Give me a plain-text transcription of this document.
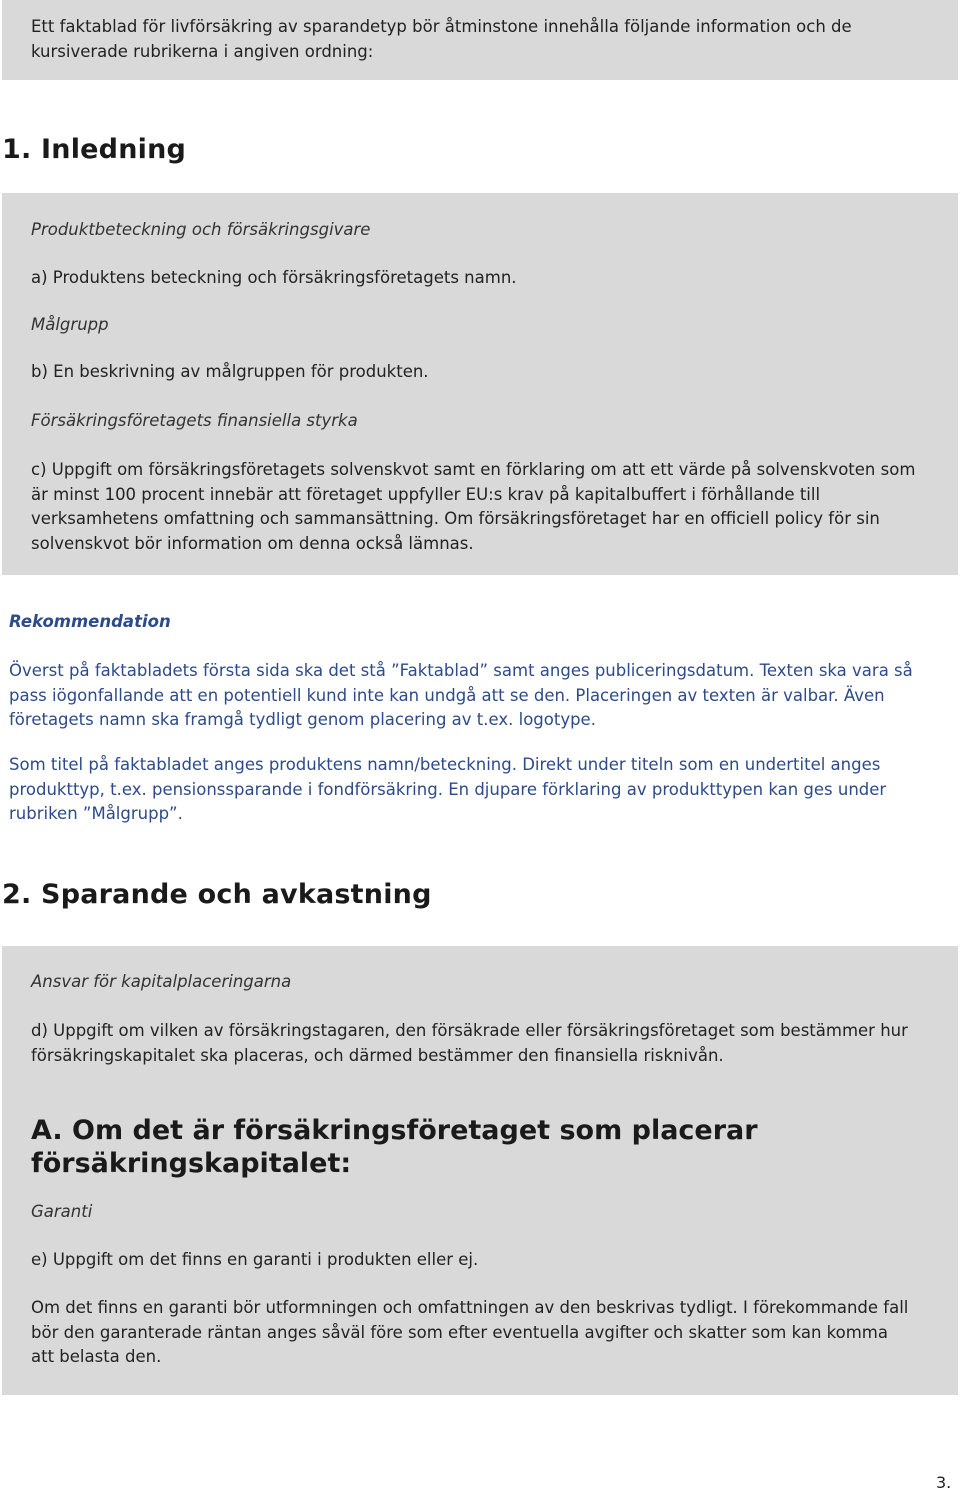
Ett faktablad för livförsäkring av sparandetyp bör åtminstone innehålla följande information och de kursiverade rubrikerna i angiven ordning:

1. Inledning

Produktbeteckning och försäkringsgivare

a) Produktens beteckning och försäkringsföretagets namn.

Målgrupp

b) En beskrivning av målgruppen för produkten.

Försäkringsföretagets finansiella styrka

c) Uppgift om försäkringsföretagets solvenskvot samt en förklaring om att ett värde på solvenskvoten som är minst 100 procent innebär att företaget uppfyller EU:s krav på kapitalbuffert i förhållande till verksamhetens omfattning och sammansättning. Om försäkringsföretaget har en officiell policy för sin solvenskvot bör information om denna också lämnas.

Rekommendation

Överst på faktabladets första sida ska det stå ”Faktablad” samt anges publiceringsdatum. Texten ska vara så pass iögonfallande att en potentiell kund inte kan undgå att se den. Placeringen av texten är valbar. Även företagets namn ska framgå tydligt genom placering av t.ex. logotype.

Som titel på faktabladet anges produktens namn/beteckning. Direkt under titeln som en undertitel anges produkttyp, t.ex. pensionssparande i fondförsäkring. En djupare förklaring av produkttypen kan ges under rubriken ”Målgrupp”.

2. Sparande och avkastning

Ansvar för kapitalplaceringarna

d) Uppgift om vilken av försäkringstagaren, den försäkrade eller försäkringsföretaget som bestämmer hur försäkringskapitalet ska placeras, och därmed bestämmer den finansiella risknivån.

A. Om det är försäkringsföretaget som placerar försäkringskapitalet:

Garanti

e) Uppgift om det finns en garanti i produkten eller ej.

Om det finns en garanti bör utformningen och omfattningen av den beskrivas tydligt. I förekommande fall bör den garanterade räntan anges såväl före som efter eventuella avgifter och skatter som kan komma att belasta den.

3.
